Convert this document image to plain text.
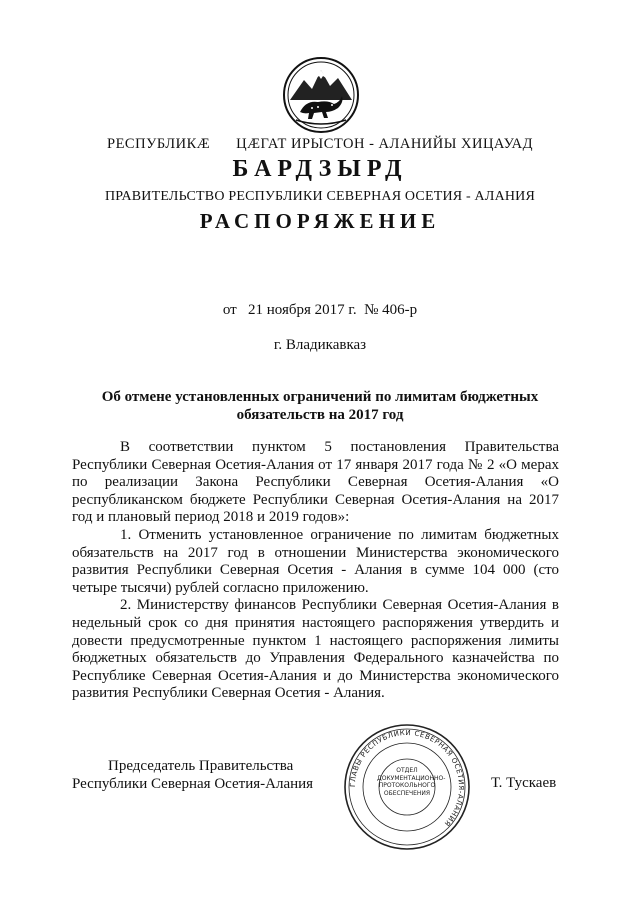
РЕСПУБЛИКӔ ЦӔГАТ ИРЫСТОН - АЛАНИЙЫ ХИЦАУАД
БАРДЗЫРД
ПРАВИТЕЛЬСТВО РЕСПУБЛИКИ СЕВЕРНАЯ ОСЕТИЯ - АЛАНИЯ
РАСПОРЯЖЕНИЕ
от 21 ноября 2017 г. № 406-р
г. Владикавказ
Об отмене установленных ограничений по лимитам бюджетных обязательств на 2017 год

В соответствии пунктом 5 постановления Правительства Республики Северная Осетия-Алания от 17 января 2017 года № 2 «О мерах по реализации Закона Республики Северная Осетия-Алания «О республиканском бюджете Республики Северная Осетия-Алания на 2017 год и плановый период 2018 и 2019 годов»:

1. Отменить установленное ограничение по лимитам бюджетных обязательств на 2017 год в отношении Министерства экономического развития Республики Северная Осетия - Алания в сумме 104 000 (сто четыре тысячи) рублей согласно приложению.

2. Министерству финансов Республики Северная Осетия-Алания в недельный срок со дня принятия настоящего распоряжения утвердить и довести предусмотренные пунктом 1 настоящего распоряжения лимиты бюджетных обязательств до Управления Федерального казначейства по Республике Северная Осетия-Алания и до Министерства экономического развития Республики Северная Осетия - Алания.

Председатель Правительства
Республики Северная Осетия-Алания	ГЛАВЫ РЕСПУБЛИКИ СЕВЕРНАЯ ОСЕТИЯ-АЛАНИЯ
ОТДЕЛ ДОКУМЕНТАЦИОННО-ПРОТОКОЛЬНОГО ОБЕСПЕЧЕНИЯ
Т. Тускаев
